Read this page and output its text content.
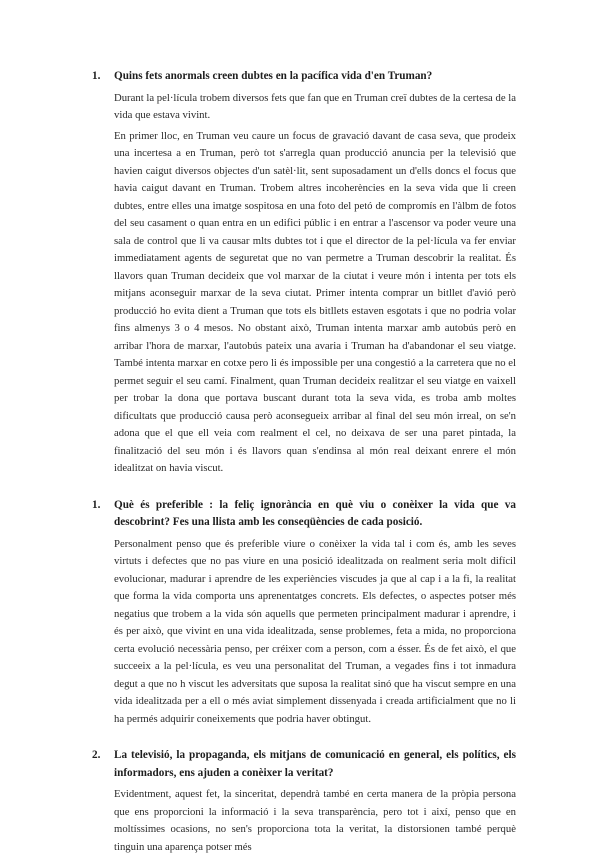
1. Quins fets anormals creen dubtes en la pacífica vida d'en Truman?

Durant la pel·lícula trobem diversos fets que fan que en Truman creï dubtes de la certesa de la vida que estava vivint.

En primer lloc, en Truman veu caure un focus de gravació davant de casa seva, que prodeix una incertesa a en Truman, però tot s'arregla quan producció anuncia per la televisió que havien caigut diversos objectes d'un satèl·lit, sent suposadament un d'ells doncs el focus que havia caigut davant en Truman. Trobem altres incoherències en la seva vida que li creen dubtes, entre elles una imatge sospitosa en una foto del petó de compromís en l'àlbm de fotos del seu casament o quan entra en un edifici públic i en entrar a l'ascensor va poder veure una sala de control que li va causar mlts dubtes tot i que el director de la pel·lícula va fer enviar immediatament agents de seguretat que no van permetre a Truman descobrir la realitat. És llavors quan Truman decideix que vol marxar de la ciutat i veure món i intenta per tots els mitjans aconseguir marxar de la seva ciutat. Primer intenta comprar un bitllet d'avió però producció ho evita dient a Truman que tots els bitllets estaven esgotats i que no podria volar fins almenys 3 o 4 mesos. No obstant això, Truman intenta marxar amb autobús però en arribar l'hora de marxar, l'autobús pateix una avaria i Truman ha d'abandonar el seu viatge. També intenta marxar en cotxe pero li és impossible per una congestió a la carretera que no el permet seguir el seu camí. Finalment, quan Truman decideix realitzar el seu viatge en vaixell per trobar la dona que portava buscant durant tota la seva vida, es troba amb moltes dificultats que producció causa però aconsegueix arribar al final del seu món irreal, on se'n adona que el que ell veia com realment el cel, no deixava de ser una paret pintada, la finalització del seu món i és llavors quan s'endinsa al món real deixant enrere el món idealitzat on havia viscut.

1. Què és preferible : la feliç ignorància en què viu o conèixer la vida que va descobrint? Fes una llista amb les conseqüències de cada posició.

Personalment penso que és preferible viure o conèixer la vida tal i com és, amb les seves virtuts i defectes que no pas viure en una posició idealitzada on realment seria molt difícil evolucionar, madurar i aprendre de les experiències viscudes ja que al cap i a la fi, la realitat que forma la vida comporta uns aprenentatges concrets. Els defectes, o aspectes potser més negatius que trobem a la vida són aquells que permeten principalment madurar i aprendre, i és per això, que vivint en una vida idealitzada, sense problemes, feta a mida, no proporciona certa evolució necessària penso, per créixer com a person, com a ésser. És de fet això, el que succeeix a la pel·lícula, es veu una personalitat del Truman, a vegades fins i tot inmadura degut a que no h viscut les adversitats que suposa la realitat sinó que ha viscut sempre en una vida idealitzada per a ell o més aviat simplement dissenyada i creada artificialment que no li ha permés adquirir coneixements que podria haver obtingut.

2. La televisió, la propaganda, els mitjans de comunicació en general, els polítics, els informadors, ens ajuden a conèixer la veritat?

Evidentment, aquest fet, la sinceritat, dependrà també en certa manera de la pròpia persona que ens proporcioni la informació i la seva transparència, pero tot i així, penso que en moltíssimes ocasions, no sen's proporciona tota la veritat, la distorsionen també perquè tinguin una aparença potser més
